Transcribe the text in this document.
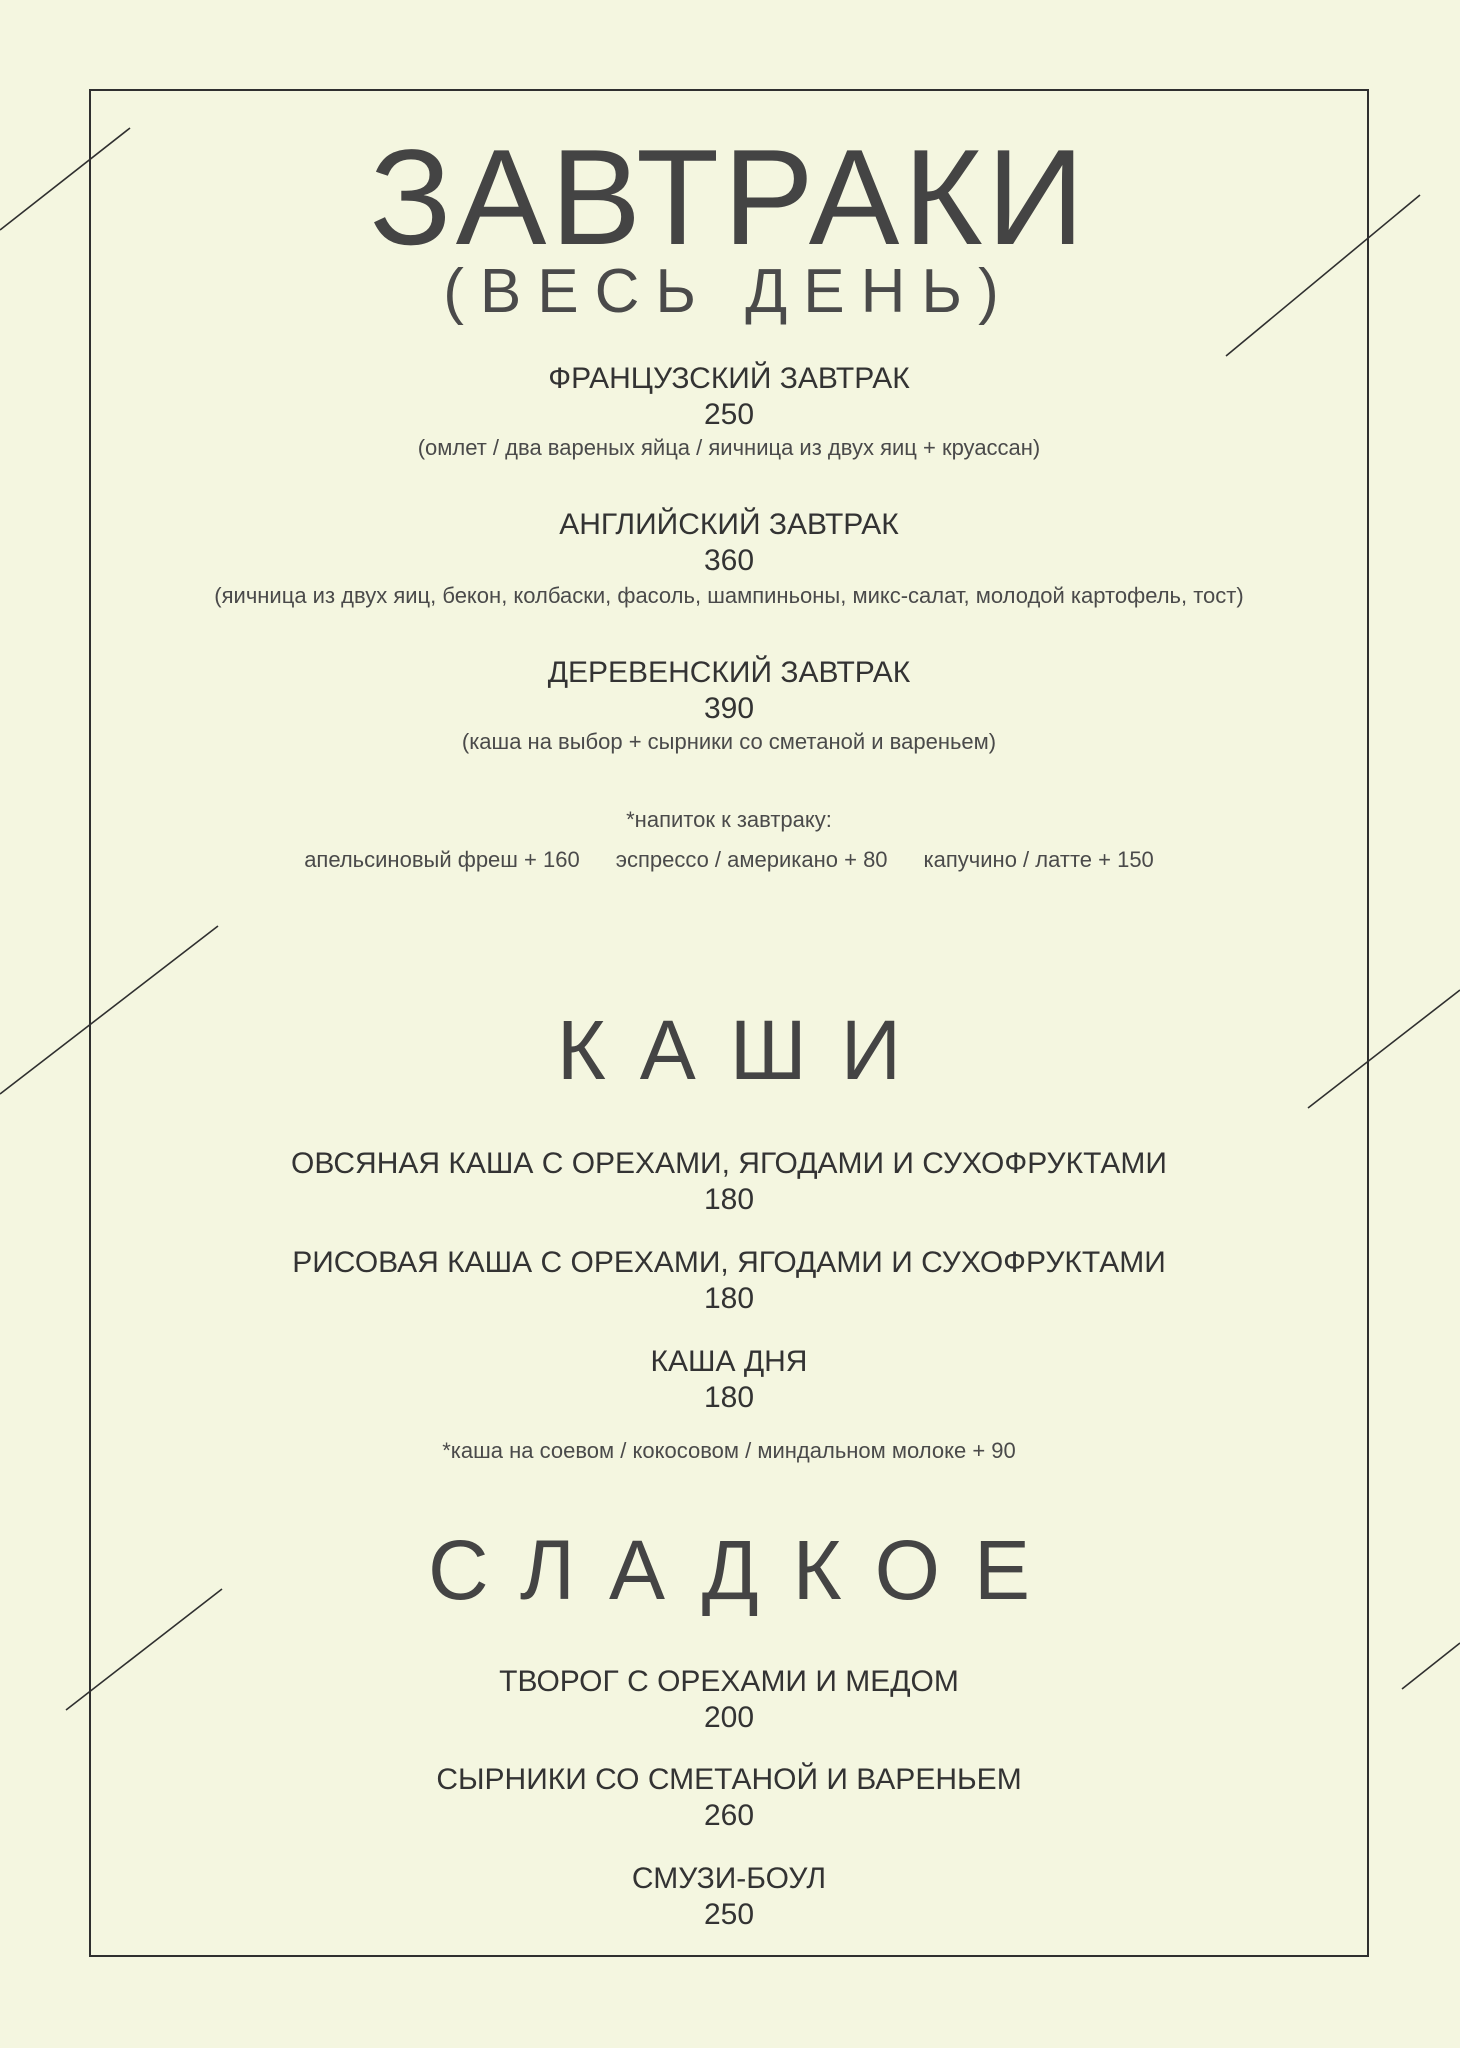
ЗАВТРАКИ
(ВЕСЬ ДЕНЬ)
ФРАНЦУЗСКИЙ ЗАВТРАК
250
(омлет / два вареных яйца / яичница из двух яиц + круассан)
АНГЛИЙСКИЙ ЗАВТРАК
360
(яичница из двух яиц, бекон, колбаски, фасоль, шампиньоны, микс-салат, молодой картофель, тост)
ДЕРЕВЕНСКИЙ ЗАВТРАК
390
(каша на выбор + сырники со сметаной и вареньем)
*напиток к завтраку:
апельсиновый фреш + 160 эспрессо / американо + 80 капучино / латте + 150
КАШИ
ОВСЯНАЯ КАША С ОРЕХАМИ, ЯГОДАМИ И СУХОФРУКТАМИ
180
РИСОВАЯ КАША С ОРЕХАМИ, ЯГОДАМИ И СУХОФРУКТАМИ
180
КАША ДНЯ
180
*каша на соевом / кокосовом / миндальном молоке + 90
СЛАДКОЕ
ТВОРОГ С ОРЕХАМИ И МЕДОМ
200
СЫРНИКИ СО СМЕТАНОЙ И ВАРЕНЬЕМ
260
СМУЗИ-БОУЛ
250
